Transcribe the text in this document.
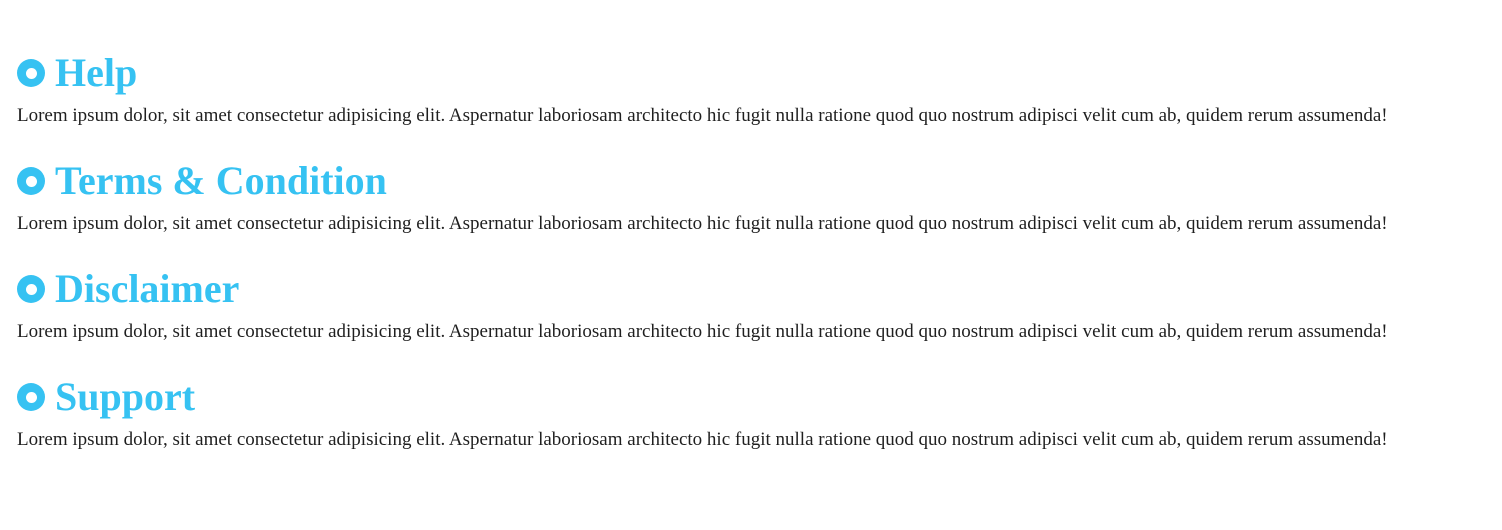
Help

Lorem ipsum dolor, sit amet consectetur adipisicing elit. Aspernatur laboriosam architecto hic fugit nulla ratione quod quo nostrum adipisci velit cum ab, quidem rerum assumenda!

Terms & Condition

Lorem ipsum dolor, sit amet consectetur adipisicing elit. Aspernatur laboriosam architecto hic fugit nulla ratione quod quo nostrum adipisci velit cum ab, quidem rerum assumenda!

Disclaimer

Lorem ipsum dolor, sit amet consectetur adipisicing elit. Aspernatur laboriosam architecto hic fugit nulla ratione quod quo nostrum adipisci velit cum ab, quidem rerum assumenda!

Support

Lorem ipsum dolor, sit amet consectetur adipisicing elit. Aspernatur laboriosam architecto hic fugit nulla ratione quod quo nostrum adipisci velit cum ab, quidem rerum assumenda!
